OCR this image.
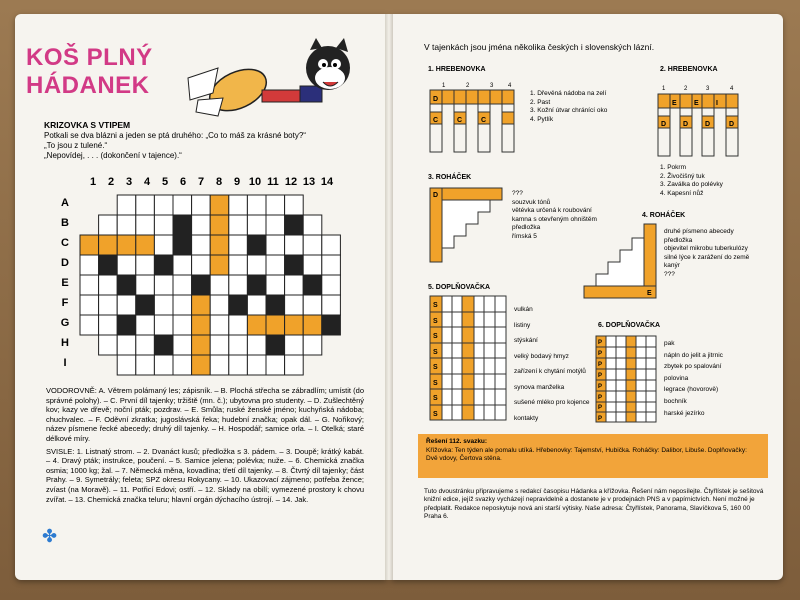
KOŠ PLNÝ
HÁDANEK
KRIZOVKA S VTIPEM
Potkali se dva blázni a jeden se ptá druhého: „Co to máš za krásné boty?“
„To jsou z tulené.“
„Nepovídej, . . . (dokončení v tajence).“
1	2	3	4	5	6	7	8	9 10 11 12 13 14
A
B
C
D
E
F
G
H
I

VODOROVNĚ: A. Větrem polámaný les; zápisník. – B. Plochá střecha se zábradlím; umístit (do správné polohy). – C. První díl tajenky; tržiště (mn. č.); ubytovna pro studenty. – D. Zušlechtěný kov; kazy ve dřevě; noční pták; pozdrav. – E. Smůla; ruské ženské jméno; kuchyňská nádoba; chuchvalec. – F. Oděvní zkratka; jugoslávská řeka; hudební značka; opak dál. – G. Nořikový; název písmene řecké abecedy; druhý díl tajenky. – H. Hospodář; samice orla. – I. Otelká; staré délkové míry.

SVISLE: 1. Listnatý strom. – 2. Dvanáct kusů; předložka s 3. pádem. – 3. Doupě; krátký kabát. – 4. Dravý pták; instrukce, poučení. – 5. Samice jelena; polévka; nuže. – 6. Chemická značka osmia; 1000 kg; žal. – 7. Německá měna, kovadlina; třetí díl tajenky. – 8. Čtvrtý díl tajenky; část Prahy. – 9. Symetrály; feleta; SPZ okresu Rokycany. – 10. Ukazovací zájmeno; potřeba žence; zvíast (na Moravě). – 11. Potřicí Edovi; ostří. – 12. Sklady na obilí; vymezené prostory k chovu zvířat. – 13. Chemická značka teluru; hlavní orgán dýchacího ústrojí. – 14. Jak.

✤
V tajenkách jsou jména několika českých i slovenských lázní.
1. HREBENOVKA
1	2	3 4
D
C	C	C
1. Dřevěná nádoba na zelí
2. Past
3. Kožní útvar chránící oko
4. Pytlík
2. HREBENOVKA
1	2	3	4
E E I
D D D	D
1. Pokrm
2. Živočišný tuk
3. Zaválka do polévky
4. Kapesní nůž
3. ROHÁČEK
D	???
souzvuk tónů
větévka určená k roubování
kamna s otevřeným ohništěm
předložka
římská 5
4. ROHÁČEK
E
druhé písmeno abecedy
předložka
objevitel mikrobu tuberkulózy
silné lýce k zarážení do země
kanýr
???
5. DOPLŇOVAČKA
S
S
S
S
S
S
S
S
vulkán
listiny
stýskání
velký bodavý hmyz
zařízení k chytání motýlů
synova manželka
sušené mléko pro kojence
kontakty
6. DOPLŇOVAČKA
P
P
P
P
P
P
P
P
pak
nápln do jelit a jitrnic
zbytek po spalování
polovina
legrace (hovorově)
bochník
harské jezírko
Řešení 112. svazku:
Křížovka: Ten týden ale pomalu utíká. Hřebenovky: Tajemství, Hubička. Roháčky: Dalibor, Libuše. Doplňovačky: Dvě vdovy, Čertova stěna.
Tuto dvoustránku připravujeme s redakcí časopisu Hádanka a křížovka. Řešení nám neposílejte. Čtyřlístek je sešitová knižní edice, jejíž svazky vycházejí nepravidelně a dostanete je v prodejnách PNS a v papírnictvích. Není možné je předplatit. Redakce neposkytuje nová ani starší výtisky. Naše adresa: Čtyřlístek, Panorama, Slavíčkova 5, 160 00 Praha 6.
